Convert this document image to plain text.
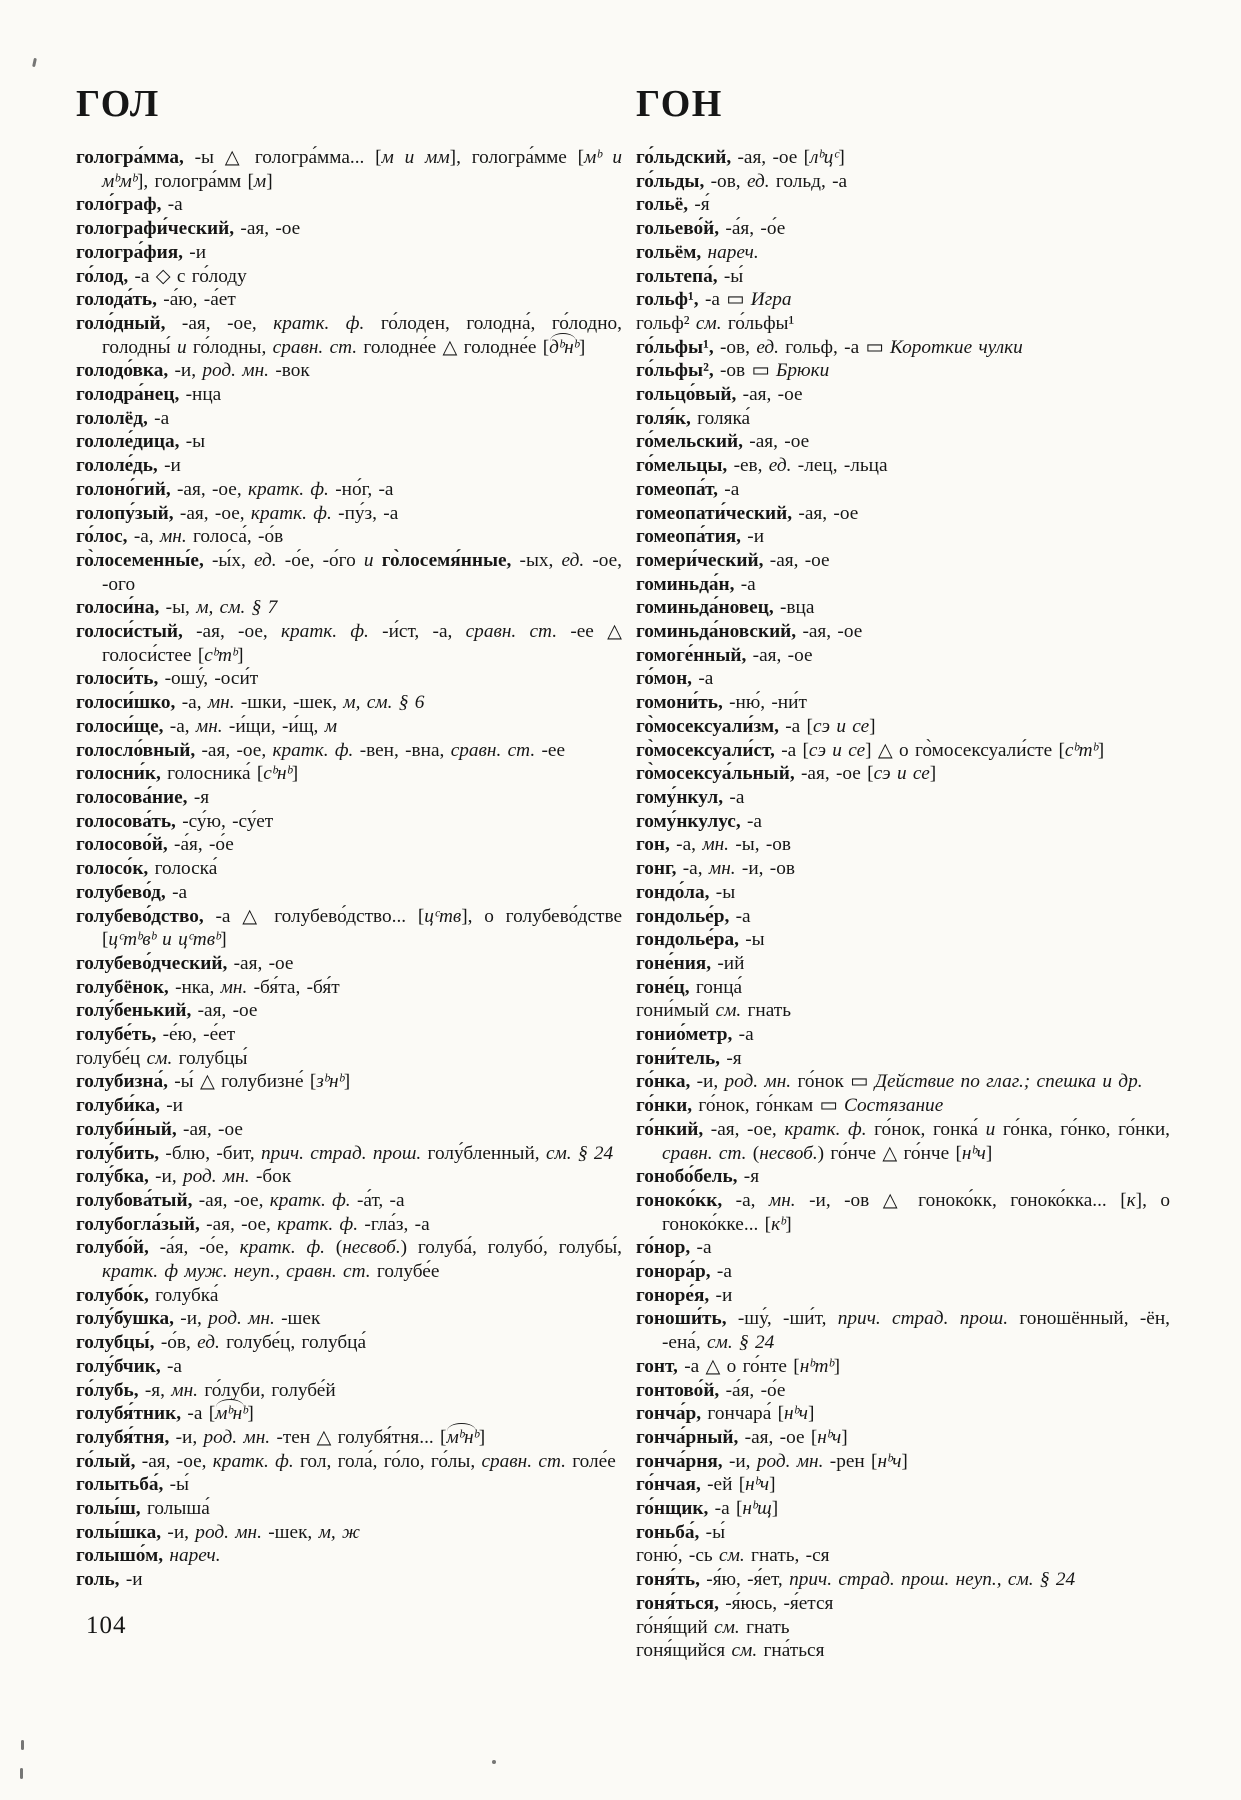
ГОЛ

гологра́мма, -ы △ гологра́мма... [м и мм], гологра́мме [мᵇ и мᵇмᵇ], гологра́мм [м]

голо́граф, -а

голографи́ческий, -ая, -ое

гологра́фия, -и

го́лод, -а ◇ с го́лоду

голода́ть, -а́ю, -а́ет

голо́дный, -ая, -ое, кратк. ф. го́лоден, голодна́, го́лодно, голодны́ и го́лодны, сравн. ст. голодне́е △ голодне́е [дᵇнᵇ]

голодо́вка, -и, род. мн. -вок

голодра́нец, -нца

гололёд, -а

гололе́дица, -ы

гололе́дь, -и

голоно́гий, -ая, -ое, кратк. ф. -но́г, -а

голопу́зый, -ая, -ое, кратк. ф. -пу́з, -а

го́лос, -а, мн. голоса́, -о́в

го̀лосеменны́е, -ы́х, ед. -о́е, -о́го и го̀лосемя́нные, -ых, ед. -ое, -ого

голоси́на, -ы, м, см. § 7

голоси́стый, -ая, -ое, кратк. ф. -и́ст, -а, сравн. ст. -ее △ голоси́стее [сᵇтᵇ]

голоси́ть, -ошу́, -оси́т

голоси́шко, -а, мн. -шки, -шек, м, см. § 6

голоси́ще, -а, мн. -и́щи, -и́щ, м

голосло́вный, -ая, -ое, кратк. ф. -вен, -вна, сравн. ст. -ее

голосни́к, голосника́ [сᵇнᵇ]

голосова́ние, -я

голосова́ть, -су́ю, -су́ет

голосово́й, -а́я, -о́е

голосо́к, голоска́

голубево́д, -а

голубево́дство, -а △ голубево́дство... [цᶜтв], о голубево́дстве [цᶜтᵇвᵇ и цᶜтвᵇ]

голубево́дческий, -ая, -ое

голубёнок, -нка, мн. -бя́та, -бя́т

голу́бенький, -ая, -ое

голубе́ть, -е́ю, -е́ет

голубе́ц см. голубцы́

голубизна́, -ы́ △ голубизне́ [зᵇнᵇ]

голуби́ка, -и

голуби́ный, -ая, -ое

голу́бить, -блю, -бит, прич. страд. прош. голу́бленный, см. § 24

голу́бка, -и, род. мн. -бок

голубова́тый, -ая, -ое, кратк. ф. -а́т, -а

голубогла́зый, -ая, -ое, кратк. ф. -гла́з, -а

голубо́й, -а́я, -о́е, кратк. ф. (несвоб.) голуба́, голубо́, голубы́, кратк. ф муж. неуп., сравн. ст. голубе́е

голубо́к, голубка́

голу́бушка, -и, род. мн. -шек

голубцы́, -о́в, ед. голубе́ц, голубца́

голу́бчик, -а

го́лубь, -я, мн. го́луби, голубе́й

голубя́тник, -а [мᵇнᵇ]

голубя́тня, -и, род. мн. -тен △ голубя́тня... [мᵇнᵇ]

го́лый, -ая, -ое, кратк. ф. гол, гола́, го́ло, го́лы, сравн. ст. голе́е

голытьба́, -ы́

голы́ш, голыша́

голы́шка, -и, род. мн. -шек, м, ж

голышо́м, нареч.

голь, -и

104
ГОН

го́льдский, -ая, -ое [лᵇцᶜ]

го́льды, -ов, ед. гольд, -а

гольё, -я́

гольево́й, -а́я, -о́е

гольём, нареч.

гольтепа́, -ы́

гольф¹, -а ▭ Игра

гольф² см. го́льфы¹

го́льфы¹, -ов, ед. гольф, -а ▭ Короткие чулки

го́льфы², -ов ▭ Брюки

гольцо́вый, -ая, -ое

голя́к, голяка́

го́мельский, -ая, -ое

го́мельцы, -ев, ед. -лец, -льца

гомеопа́т, -а

гомеопати́ческий, -ая, -ое

гомеопа́тия, -и

гомери́ческий, -ая, -ое

гоминьда́н, -а

гоминьда́новец, -вца

гоминьда́новский, -ая, -ое

гомоге́нный, -ая, -ое

го́мон, -а

гомони́ть, -ню́, -ни́т

го̀мосексуали́зм, -а [сэ и се]

го̀мосексуали́ст, -а [сэ и се] △ о го̀мосексуали́сте [сᵇтᵇ]

го̀мосексуа́льный, -ая, -ое [сэ и се]

гому́нкул, -а

гому́нкулус, -а

гон, -а, мн. -ы, -ов

гонг, -а, мн. -и, -ов

гондо́ла, -ы

гондолье́р, -а

гондолье́ра, -ы

гоне́ния, -ий

гоне́ц, гонца́

гони́мый см. гнать

гонио́метр, -а

гони́тель, -я

го́нка, -и, род. мн. го́нок ▭ Действие по глаг.; спешка и др.

го́нки, го́нок, го́нкам ▭ Состязание

го́нкий, -ая, -ое, кратк. ф. го́нок, гонка́ и го́нка, го́нко, го́нки, сравн. ст. (несвоб.) го́нче △ го́нче [нᵇч]

гонобо́бель, -я

гоноко́кк, -а, мн. -и, -ов △ гоноко́кк, гоноко́кка... [к], о гоноко́кке... [кᵇ]

го́нор, -а

гонора́р, -а

гоноре́я, -и

гоноши́ть, -шу́, -ши́т, прич. страд. прош. гоношённый, -ён, -ена́, см. § 24

гонт, -а △ о го́нте [нᵇтᵇ]

гонтово́й, -а́я, -о́е

гонча́р, гончара́ [нᵇч]

гонча́рный, -ая, -ое [нᵇч]

гонча́рня, -и, род. мн. -рен [нᵇч]

го́нчая, -ей [нᵇч]

го́нщик, -а [нᵇщ]

гоньба́, -ы́

гоню́, -сь см. гнать, -ся

гоня́ть, -я́ю, -я́ет, прич. страд. прош. неуп., см. § 24

гоня́ться, -я́юсь, -я́ется

го́ня́щий см. гнать

гоня́щийся см. гна́ться
